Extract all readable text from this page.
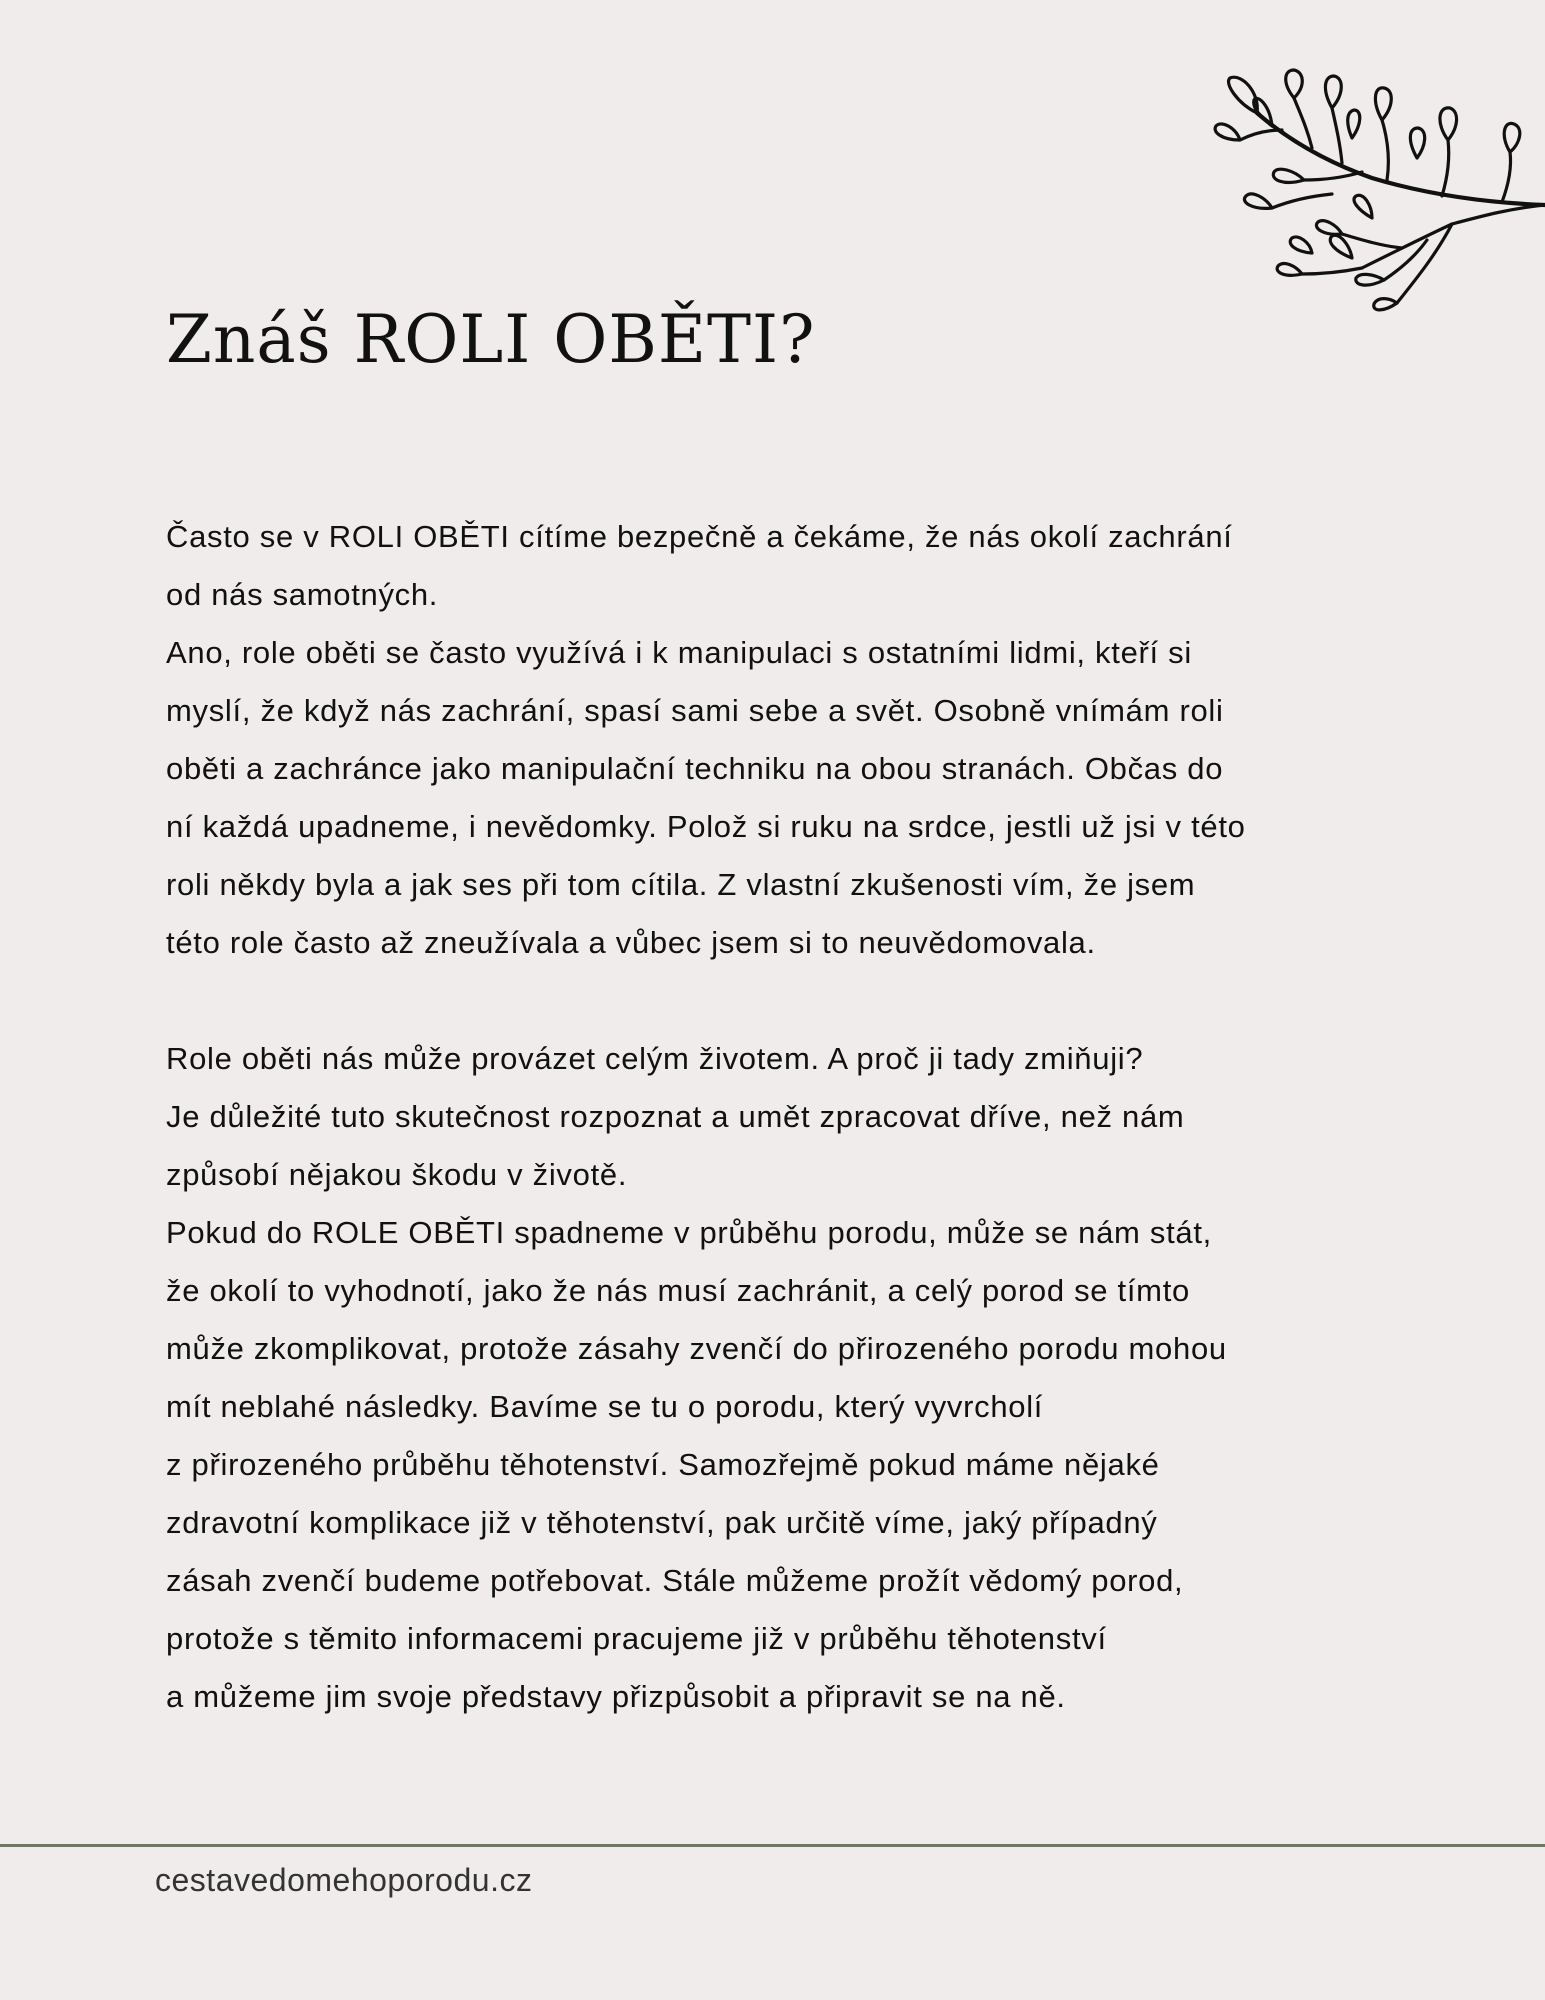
Znáš ROLI OBĚTI?
Často se v ROLI OBĚTI cítíme bezpečně a čekáme, že nás okolí zachrání
od nás samotných.
Ano, role oběti se často využívá i k manipulaci s ostatními lidmi, kteří si
myslí, že když nás zachrání, spasí sami sebe a svět. Osobně vnímám roli
oběti a zachránce jako manipulační techniku na obou stranách. Občas do
ní každá upadneme, i nevědomky. Polož si ruku na srdce, jestli už jsi v této
roli někdy byla a jak ses při tom cítila. Z vlastní zkušenosti vím, že jsem
této role často až zneužívala a vůbec jsem si to neuvědomovala.
Role oběti nás může provázet celým životem. A proč ji tady zmiňuji?
Je důležité tuto skutečnost rozpoznat a umět zpracovat dříve, než nám
způsobí nějakou škodu v životě.
Pokud do ROLE OBĚTI spadneme v průběhu porodu, může se nám stát,
že okolí to vyhodnotí, jako že nás musí zachránit, a celý porod se tímto
může zkomplikovat, protože zásahy zvenčí do přirozeného porodu mohou
mít neblahé následky. Bavíme se tu o porodu, který vyvrcholí
z přirozeného průběhu těhotenství. Samozřejmě pokud máme nějaké
zdravotní komplikace již v těhotenství, pak určitě víme, jaký případný
zásah zvenčí budeme potřebovat. Stále můžeme prožít vědomý porod,
protože s těmito informacemi pracujeme již v průběhu těhotenství
a můžeme jim svoje představy přizpůsobit a připravit se na ně.
cestavedomehoporodu.cz
